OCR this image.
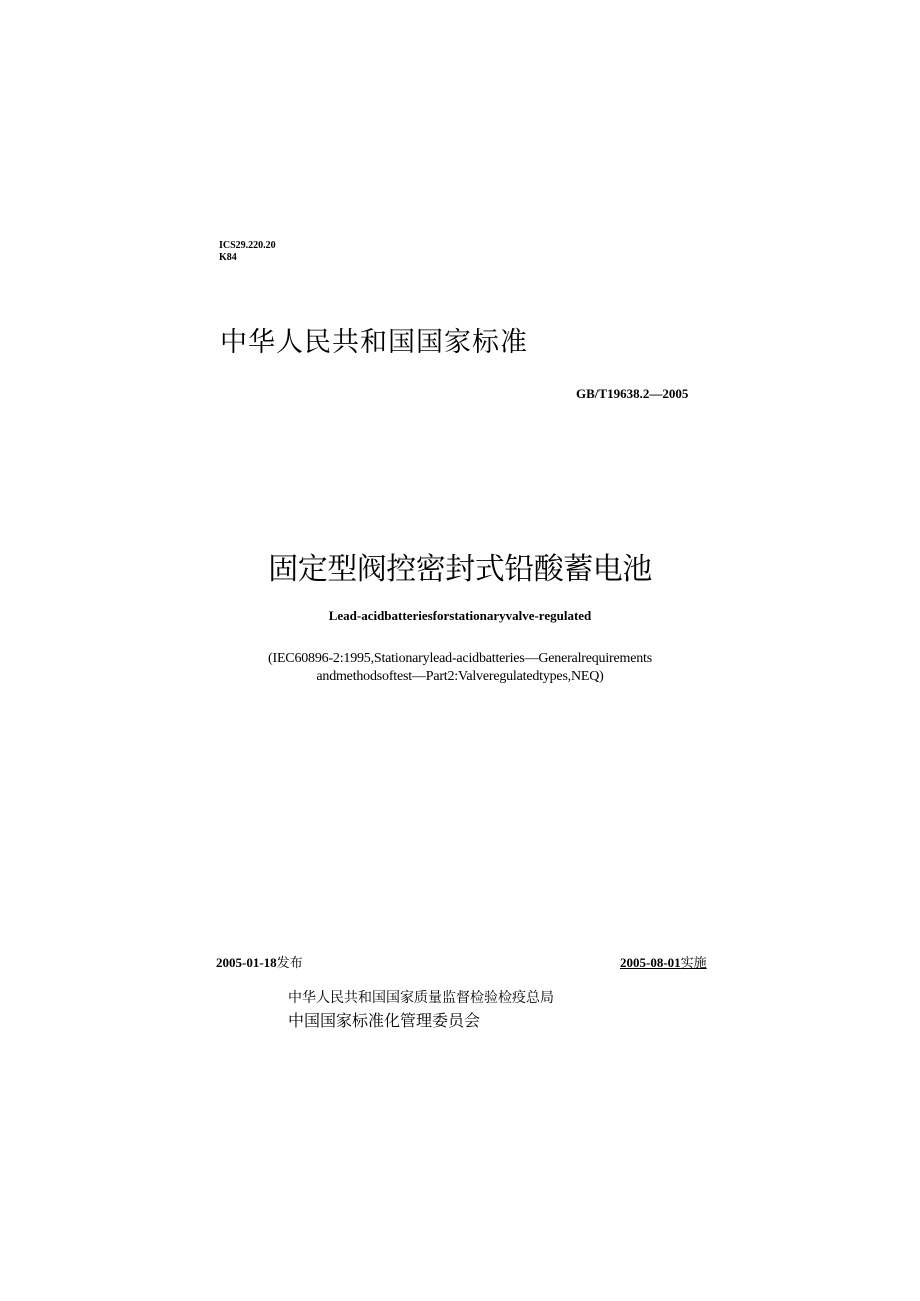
ICS29.220.20
K84
中华人民共和国国家标准
GB/T19638.2—2005
固定型阀控密封式铅酸蓄电池
Lead-acidbatteriesforstationaryvalve-regulated
(IEC60896-2:1995,Stationarylead-acidbatteries—Generalrequirements
andmethodsoftest—Part2:Valveregulatedtypes,NEQ)
2005-01-18发布	2005-08-01实施
中华人民共和国国家质量监督检验检疫总局
中国国家标准化管理委员会
